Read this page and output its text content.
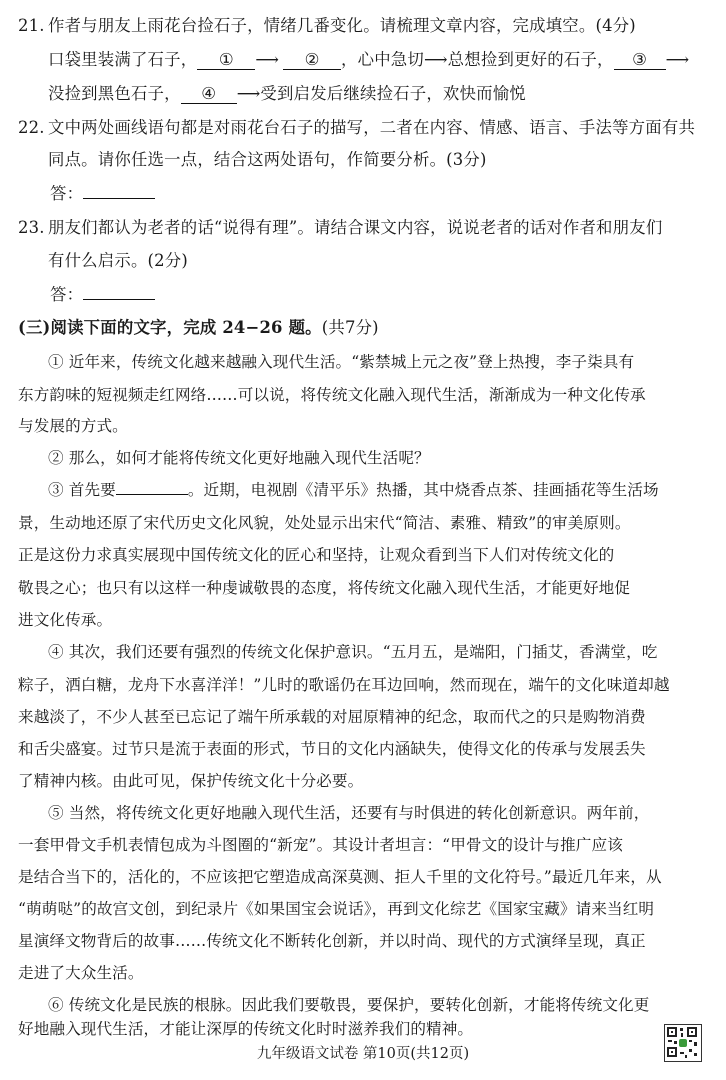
21. 作者与朋友上雨花台捡石子，情绪几番变化。请梳理文章内容，完成填空。(4分)
口袋里装满了石子， ① ⟶ ② ，心中急切⟶总想捡到更好的石子， ③ ⟶
没捡到黑色石子， ④ ⟶受到启发后继续捡石子，欢快而愉悦
22. 文中两处画线语句都是对雨花台石子的描写，二者在内容、情感、语言、手法等方面有共
同点。请你任选一点，结合这两处语句，作简要分析。(3分)
答：
23. 朋友们都认为老者的话“说得有理”。请结合课文内容，说说老者的话对作者和朋友们
有什么启示。(2分)
答：
(三)阅读下面的文字，完成 24−26 题。(共7分)
① 近年来，传统文化越来越融入现代生活。“紫禁城上元之夜”登上热搜，李子柒具有
东方韵味的短视频走红网络……可以说，将传统文化融入现代生活，渐渐成为一种文化传承
与发展的方式。
② 那么，如何才能将传统文化更好地融入现代生活呢？
③ 首先要	。近期，电视剧《清平乐》热播，其中烧香点茶、挂画插花等生活场
景，生动地还原了宋代历史文化风貌，处处显示出宋代“简洁、素雅、精致”的审美原则。
正是这份力求真实展现中国传统文化的匠心和坚持，让观众看到当下人们对传统文化的
敬畏之心；也只有以这样一种虔诚敬畏的态度，将传统文化融入现代生活，才能更好地促
进文化传承。
④ 其次，我们还要有强烈的传统文化保护意识。“五月五，是端阳，门插艾，香满堂，吃
粽子，洒白糖，龙舟下水喜洋洋！”儿时的歌谣仍在耳边回响，然而现在，端午的文化味道却越
来越淡了，不少人甚至已忘记了端午所承载的对屈原精神的纪念，取而代之的只是购物消费
和舌尖盛宴。过节只是流于表面的形式，节日的文化内涵缺失，使得文化的传承与发展丢失
了精神内核。由此可见，保护传统文化十分必要。
⑤ 当然，将传统文化更好地融入现代生活，还要有与时俱进的转化创新意识。两年前，
一套甲骨文手机表情包成为斗图圈的“新宠”。其设计者坦言：“甲骨文的设计与推广应该
是结合当下的，活化的，不应该把它塑造成高深莫测、拒人千里的文化符号。”最近几年来，从
“萌萌哒”的故宫文创，到纪录片《如果国宝会说话》，再到文化综艺《国家宝藏》请来当红明
星演绎文物背后的故事……传统文化不断转化创新，并以时尚、现代的方式演绎呈现，真正
走进了大众生活。
⑥ 传统文化是民族的根脉。因此我们要敬畏，要保护，要转化创新，才能将传统文化更
好地融入现代生活，才能让深厚的传统文化时时滋养我们的精神。
九年级语文试卷 第10页(共12页)
